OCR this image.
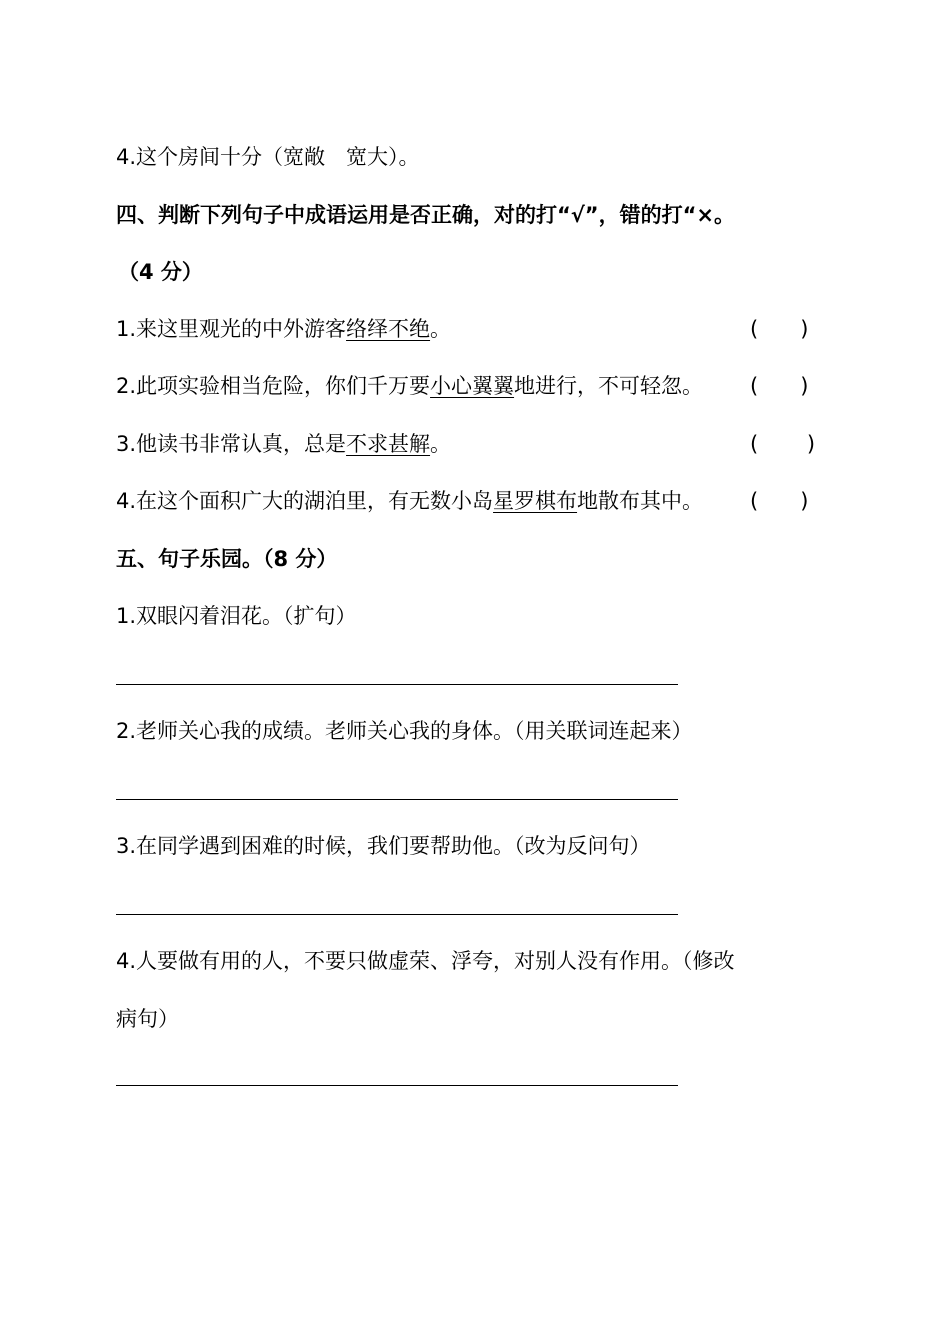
4.这个房间十分（宽敞　宽大）。
四、判断下列句子中成语运用是否正确，对的打“√”，错的打“×。
（4 分）
1.来这里观光的中外游客络绎不绝。	(　　)
2.此项实验相当危险，你们千万要小心翼翼地进行，不可轻忽。 (　　)
3.他读书非常认真，总是不求甚解。	(　　 )
4.在这个面积广大的湖泊里，有无数小岛星罗棋布地散布其中。 (　　)
五、句子乐园。（8 分）
1.双眼闪着泪花。（扩句）
2.老师关心我的成绩。老师关心我的身体。（用关联词连起来）
3.在同学遇到困难的时候，我们要帮助他。（改为反问句）
4.人要做有用的人，不要只做虚荣、浮夸，对别人没有作用。（修改
病句）
